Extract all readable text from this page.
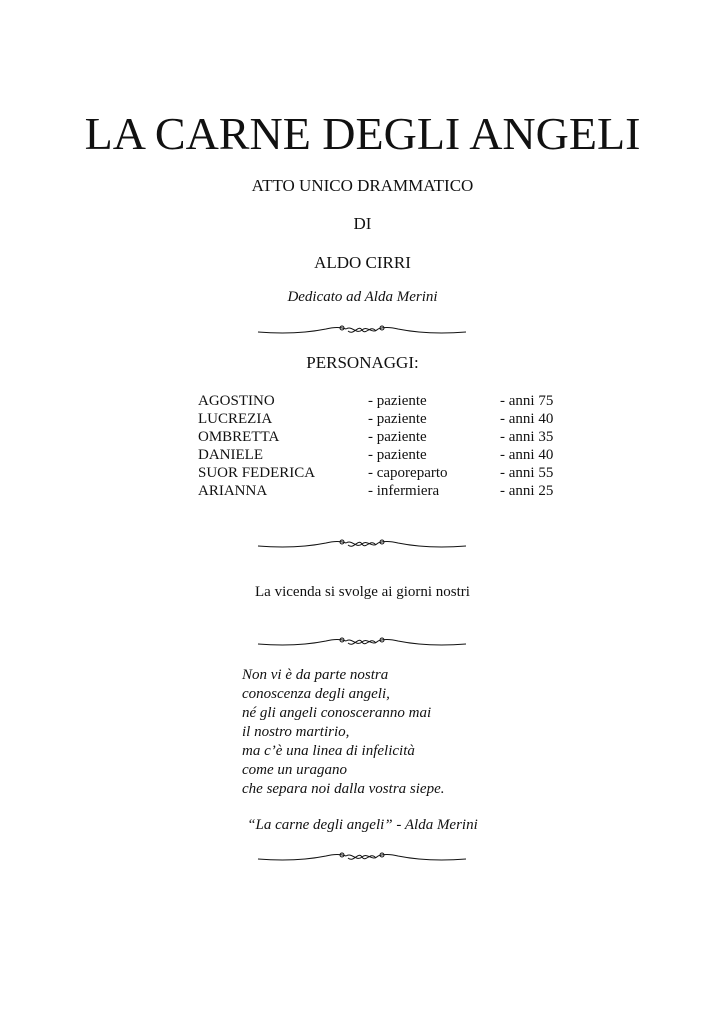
LA CARNE DEGLI ANGELI
ATTO UNICO DRAMMATICO
DI
ALDO CIRRI
Dedicato ad Alda Merini
PERSONAGGI:
AGOSTINO	- paziente	- anni 75
LUCREZIA	- paziente	- anni 40
OMBRETTA	- paziente	- anni 35
DANIELE	- paziente	- anni 40
SUOR FEDERICA	- caporeparto	- anni 55
ARIANNA	- infermiera	- anni 25
La vicenda si svolge ai giorni nostri
Non vi è da parte nostra
conoscenza degli angeli,
né gli angeli conosceranno mai
il nostro martirio,
ma c’è una linea di infelicità
come un uragano
che separa noi dalla vostra siepe.
“La carne degli angeli” - Alda Merini
